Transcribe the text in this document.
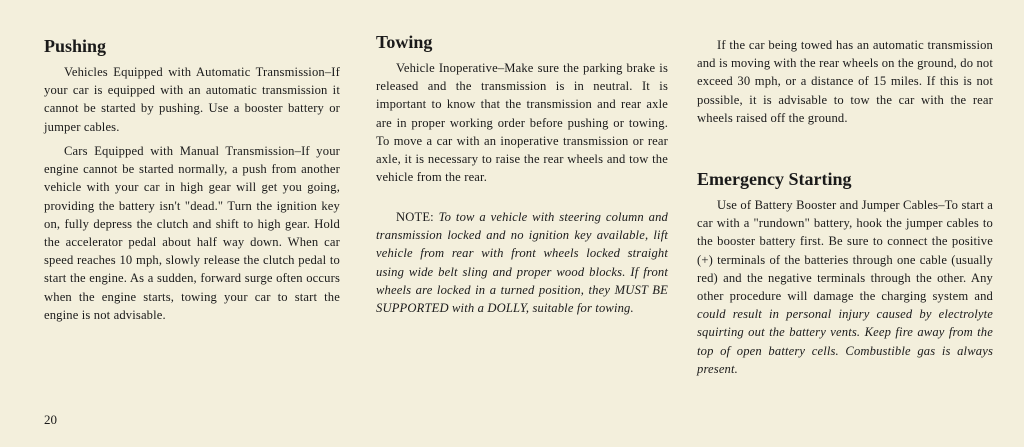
Pushing

Vehicles Equipped with Automatic Transmission–If your car is equipped with an automatic transmission it cannot be started by pushing. Use a booster battery or jumper cables.

Cars Equipped with Manual Transmission–If your engine cannot be started normally, a push from another vehicle with your car in high gear will get you going, providing the battery isn't "dead." Turn the ignition key on, fully depress the clutch and shift to high gear. Hold the accelerator pedal about half way down. When car speed reaches 10 mph, slowly release the clutch pedal to start the engine. As a sudden, forward surge often occurs when the engine starts, towing your car to start the engine is not advisable.

Towing

Vehicle Inoperative–Make sure the parking brake is released and the transmission is in neutral. It is important to know that the transmission and rear axle are in proper working order before pushing or towing. To move a car with an inoperative transmission or rear axle, it is necessary to raise the rear wheels and tow the vehicle from the rear.

NOTE: To tow a vehicle with steering column and transmission locked and no ignition key available, lift vehicle from rear with front wheels locked straight using wide belt sling and proper wood blocks. If front wheels are locked in a turned position, they MUST BE SUPPORTED with a DOLLY, suitable for towing.

If the car being towed has an automatic transmission and is moving with the rear wheels on the ground, do not exceed 30 mph, or a distance of 15 miles. If this is not possible, it is advisable to tow the car with the rear wheels raised off the ground.

Emergency Starting

Use of Battery Booster and Jumper Cables–To start a car with a "rundown" battery, hook the jumper cables to the booster battery first. Be sure to connect the positive (+) terminals of the batteries through one cable (usually red) and the negative terminals through the other. Any other procedure will damage the charging system and could result in personal injury caused by electrolyte squirting out the battery vents. Keep fire away from the top of open battery cells. Combustible gas is always present.

20
